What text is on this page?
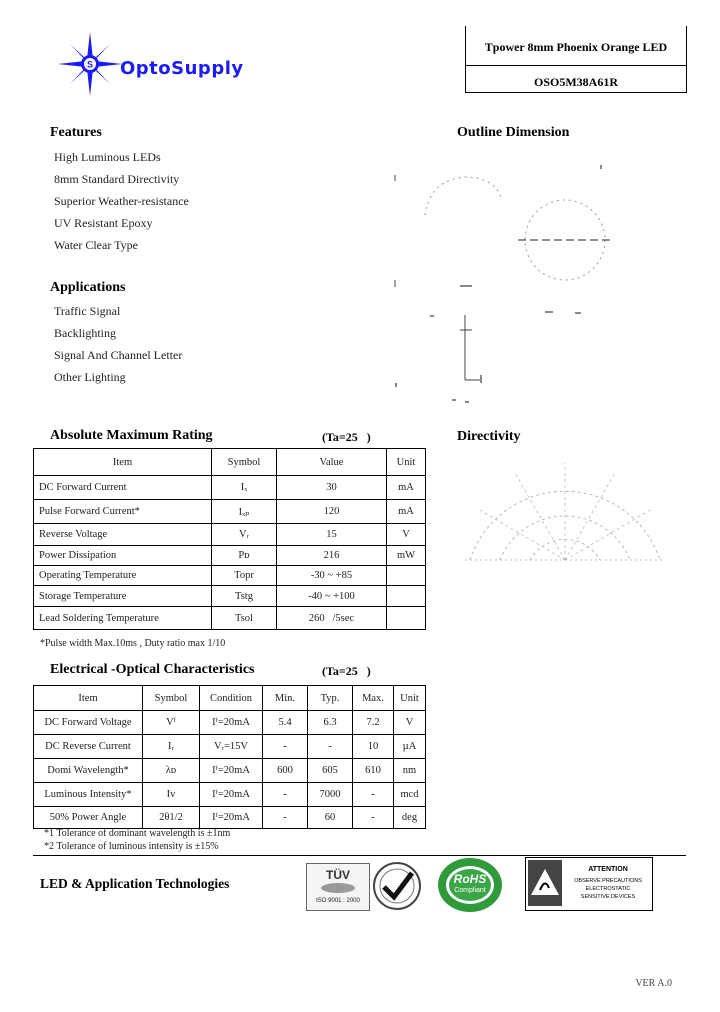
S OptoSupply
Tpower 8mm Phoenix Orange LED
OSO5M38A61R
Features
High Luminous LEDs
8mm Standard Directivity
Superior Weather-resistance
UV Resistant Epoxy
Water Clear Type
Applications
Traffic Signal
Backlighting
Signal And Channel Letter
Other Lighting
Outline Dimension
Directivity
Absolute Maximum Rating	(Ta=25   )
Item	Symbol	Value	Unit
DC Forward Current	Iₓ	30	mA
Pulse Forward Current*	Iₓₚ	120	mA
Reverse Voltage	Vᵣ	15	V
Power Dissipation	Pᴅ	216	mW
Operating Temperature	Topr	-30 ~ +85	
Storage Temperature	Tstg	-40 ~ +100	
Lead Soldering Temperature	Tsol	260   /5sec	
*Pulse width Max.10ms , Duty ratio max 1/10
Electrical -Optical Characteristics	(Ta=25   )
Item	Symbol	Condition	Min.	Typ.	Max.	Unit
DC Forward Voltage	Vᶠ	Iᶠ=20mA	5.4	6.3	7.2	V
DC Reverse Current	Iᵣ	Vᵣ=15V	-	-	10	µA
Domi Wavelength*	λᴅ	Iᶠ=20mA	600	605	610	nm
Luminous Intensity*	Iv	Iᶠ=20mA	-	7000	-	mcd
50% Power Angle	2θ1/2	Iᶠ=20mA	-	60	-	deg
*1 Tolerance of dominant wavelength is ±1nm
*2 Tolerance of luminous intensity is ±15%
LED & Application Technologies
TÜV
ISO 9001 : 2000
RoHS
Compliant
ATTENTION
OBSERVE PRECAUTIONS
ELECTROSTATIC
SENSITIVE DEVICES
VER A.0
